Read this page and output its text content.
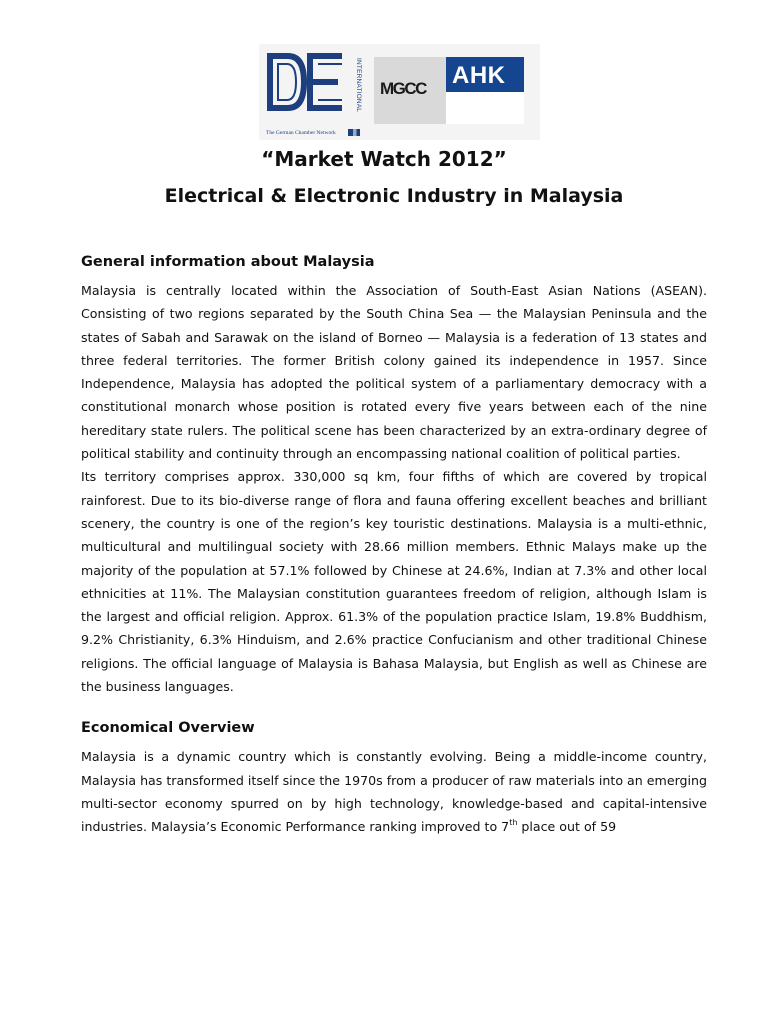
INTERNATIONAL
The German Chamber Network
MGCC AHK
“Market Watch 2012”
Electrical & Electronic Industry in Malaysia
General information about Malaysia

Malaysia is centrally located within the Association of South-East Asian Nations (ASEAN). Consisting of two regions separated by the South China Sea — the Malaysian Peninsula and the states of Sabah and Sarawak on the island of Borneo — Malaysia is a federation of 13 states and three federal territories. The former British colony gained its independence in 1957. Since Independence, Malaysia has adopted the political system of a parliamentary democracy with a constitutional monarch whose position is rotated every five years between each of the nine hereditary state rulers. The political scene has been characterized by an extra-ordinary degree of political stability and continuity through an encompassing national coalition of political parties.

Its territory comprises approx. 330,000 sq km, four fifths of which are covered by tropical rainforest. Due to its bio-diverse range of flora and fauna offering excellent beaches and brilliant scenery, the country is one of the region’s key touristic destinations. Malaysia is a multi-ethnic, multicultural and multilingual society with 28.66 million members. Ethnic Malays make up the majority of the population at 57.1% followed by Chinese at 24.6%, Indian at 7.3% and other local ethnicities at 11%. The Malaysian constitution guarantees freedom of religion, although Islam is the largest and official religion. Approx. 61.3% of the population practice Islam, 19.8% Buddhism, 9.2% Christianity, 6.3% Hinduism, and 2.6% practice Confucianism and other traditional Chinese religions. The official language of Malaysia is Bahasa Malaysia, but English as well as Chinese are the business languages.

Economical Overview

Malaysia is a dynamic country which is constantly evolving. Being a middle-income country, Malaysia has transformed itself since the 1970s from a producer of raw materials into an emerging multi-sector economy spurred on by high technology, knowledge-based and capital-intensive industries. Malaysia’s Economic Performance ranking improved to 7th place out of 59
